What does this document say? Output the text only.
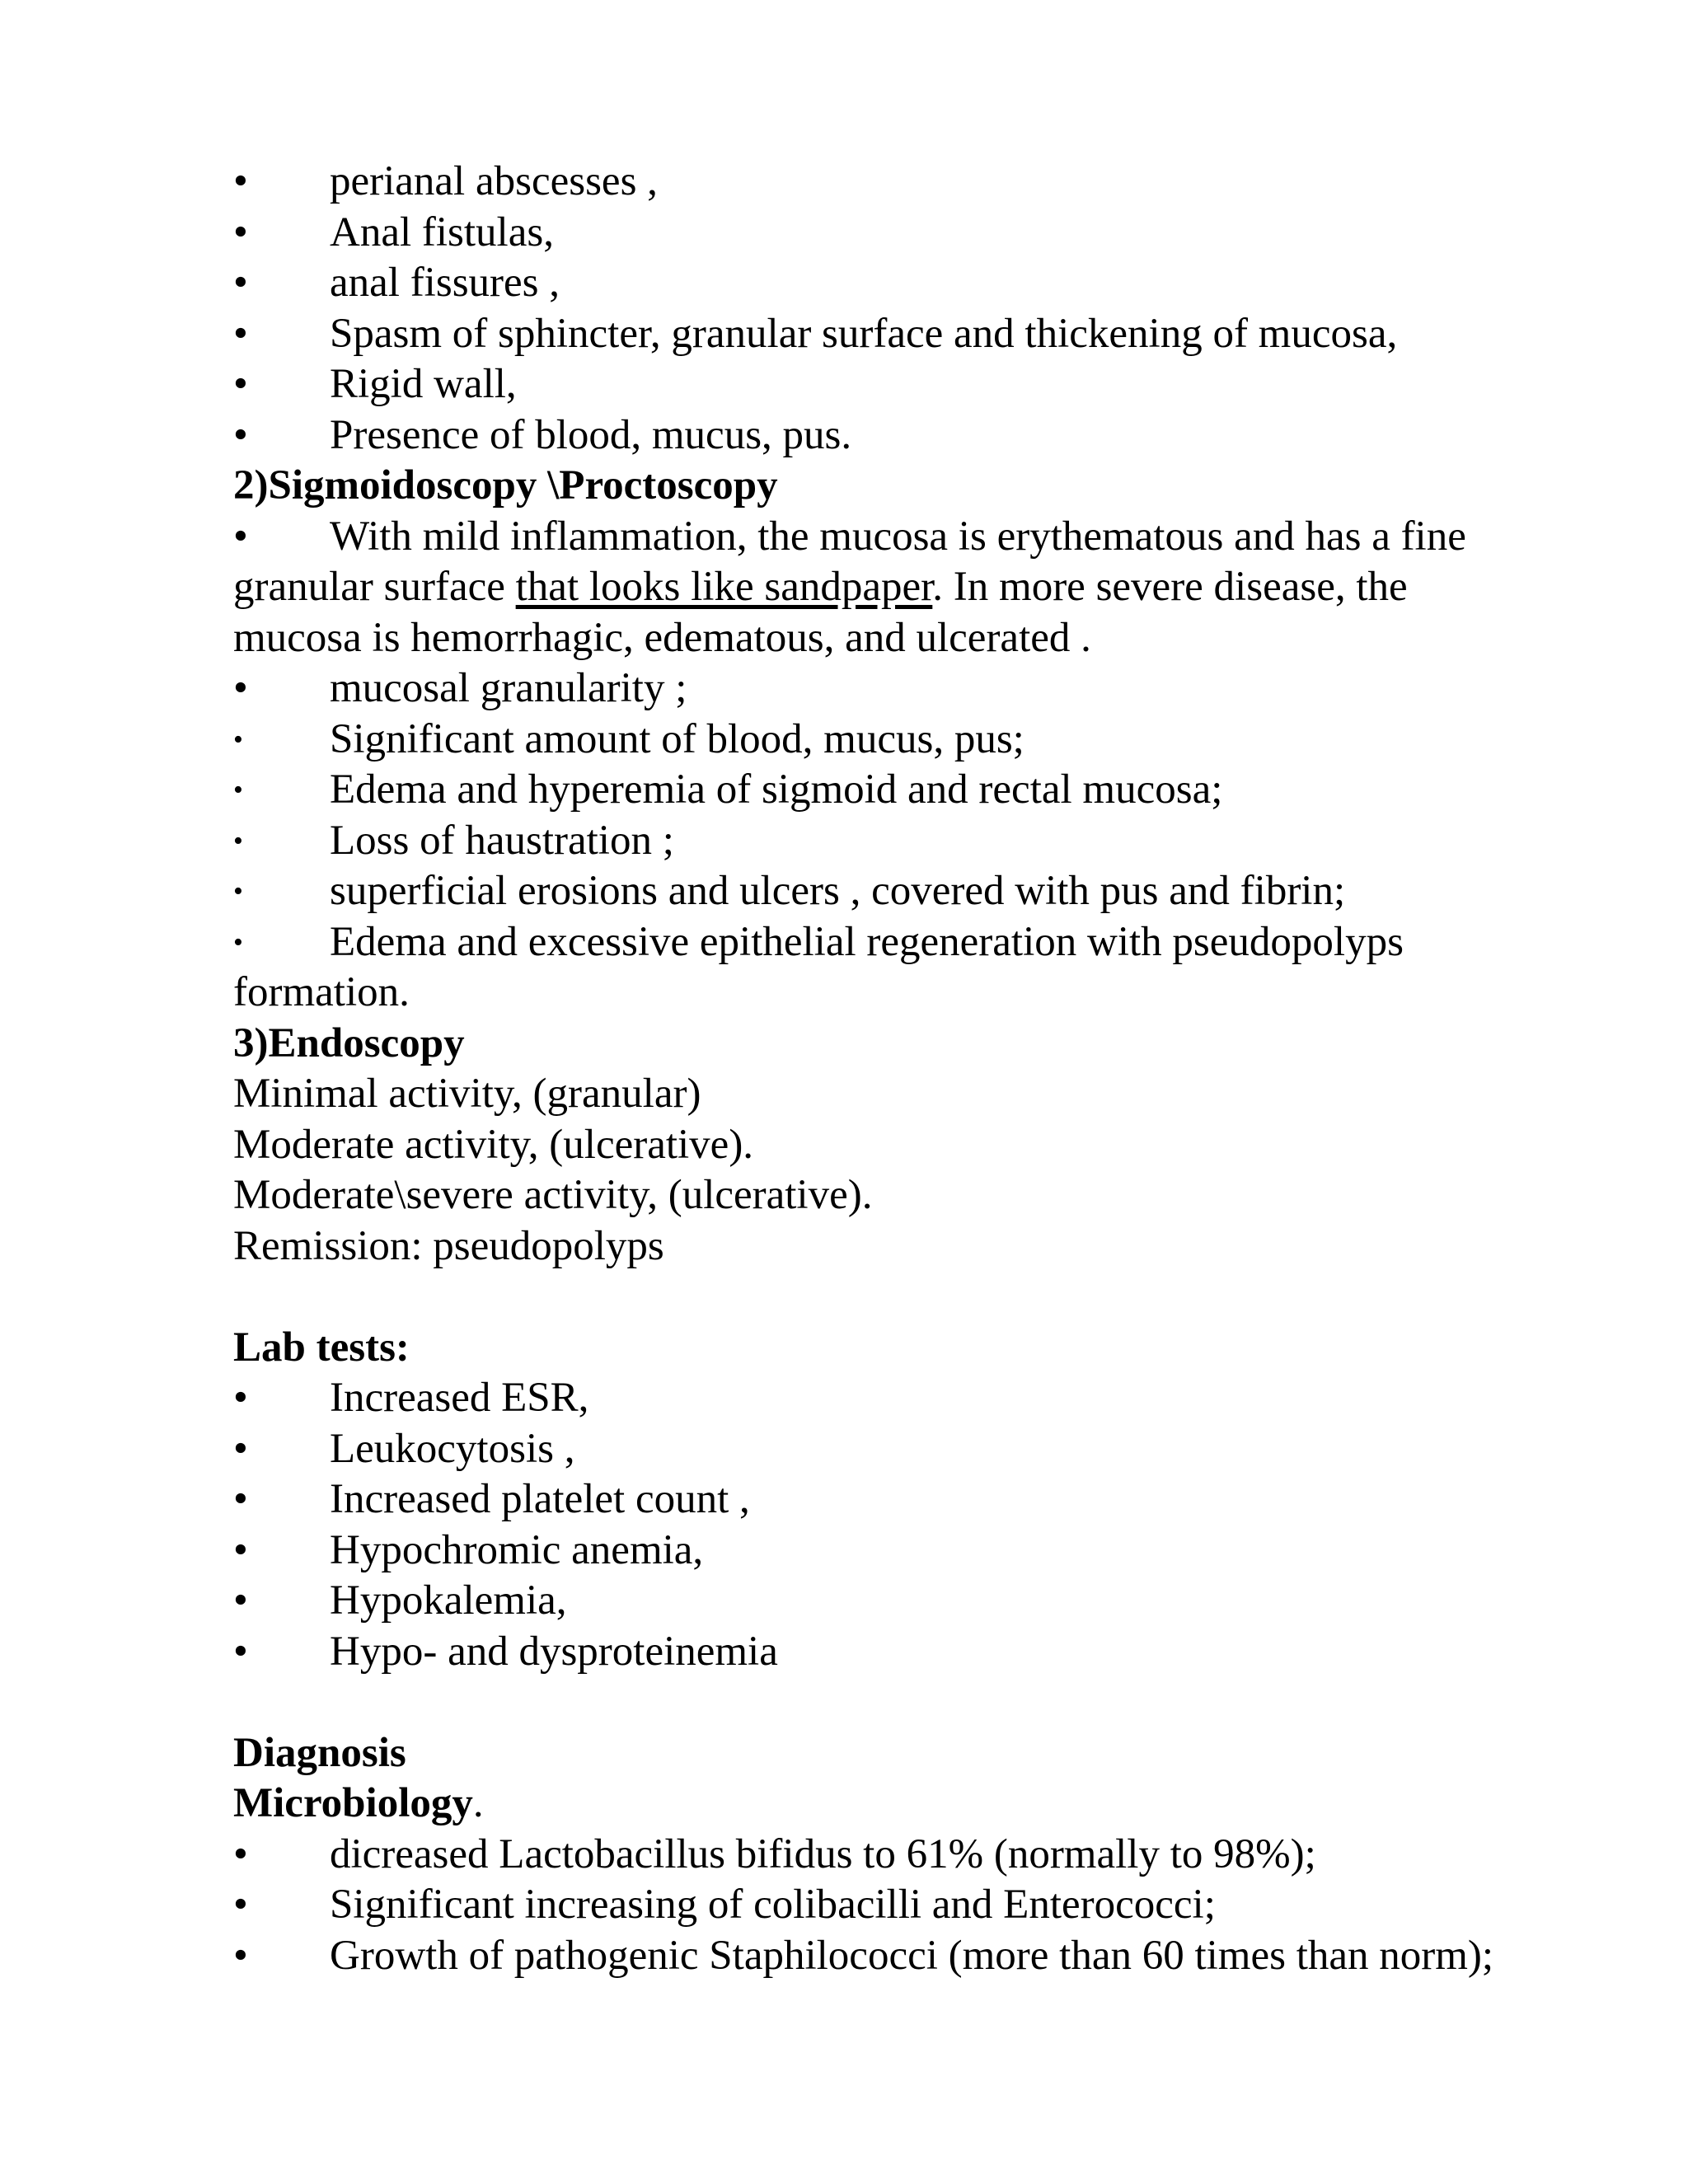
• perianal abscesses ,
• Anal fistulas,
• anal fissures ,
• Spasm of sphincter, granular surface and thickening of mucosa,
• Rigid wall,
• Presence of blood, mucus, pus.
2)Sigmoidoscopy \Proctoscopy
• With mild inflammation, the mucosa is erythematous and has a fine
granular surface that looks like sandpaper. In more severe disease, the
mucosa is hemorrhagic, edematous, and ulcerated .
• mucosal granularity ;
• Significant amount of blood, mucus, pus;
• Edema and hyperemia of sigmoid and rectal mucosa;
• Loss of haustration ;
• superficial erosions and ulcers , covered with pus and fibrin;
• Edema and excessive epithelial regeneration with pseudopolyps
formation.
3)Endoscopy
Minimal activity, (granular)
Moderate activity, (ulcerative).
Moderate\severe activity, (ulcerative).
Remission: pseudopolyps
Lab tests:
• Increased ESR,
• Leukocytosis ,
• Increased platelet count ,
• Hypochromic anemia,
• Hypokalemia,
• Hypo- and dysproteinemia
Diagnosis
Microbiology.
• dicreased Lactobacillus bifidus to 61% (normally to 98%);
• Significant increasing of colibacilli and Enterococci;
• Growth of pathogenic Staphilococci (more than 60 times than norm);
